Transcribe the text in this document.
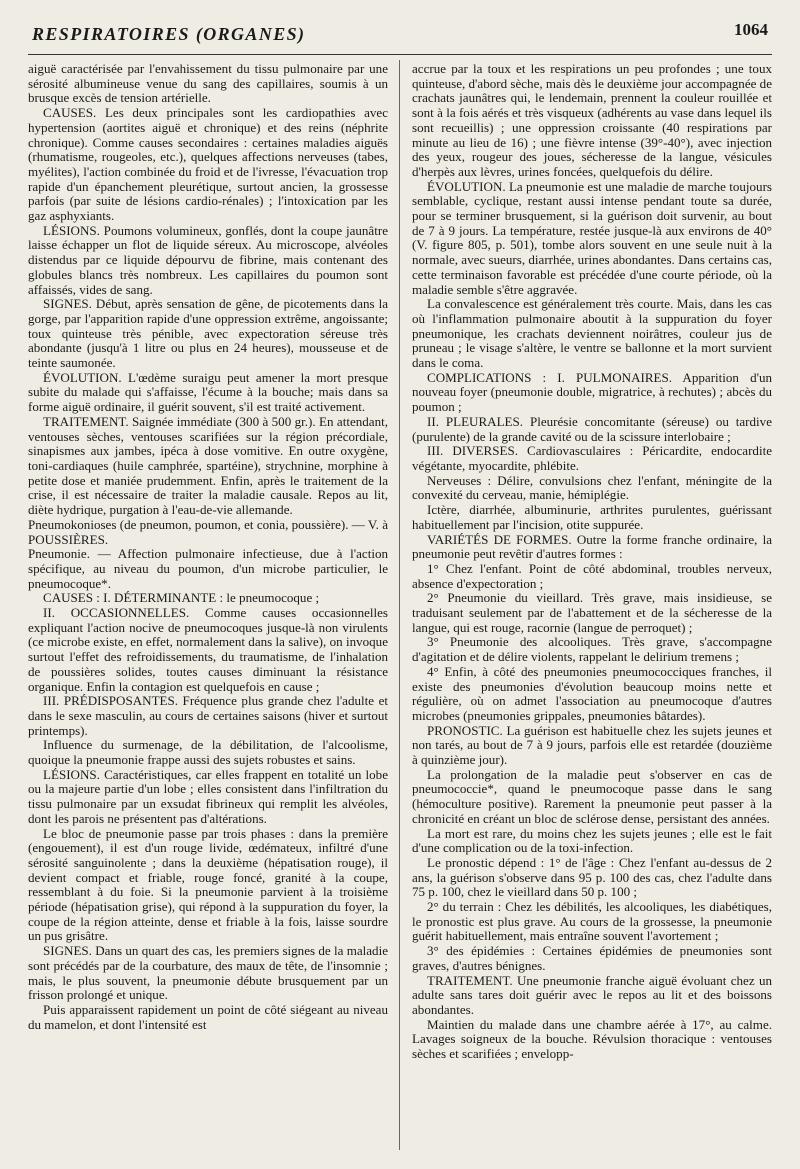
RESPIRATOIRES (ORGANES)	1064

aiguë caractérisée par l'envahissement du tissu pulmonaire par une sérosité albumineuse venue du sang des capillaires, soumis à un brusque excès de tension artérielle.

CAUSES. Les deux principales sont les cardiopathies avec hypertension (aortites aiguë et chronique) et des reins (néphrite chronique). Comme causes secondaires : certaines maladies aiguës (rhumatisme, rougeoles, etc.), quelques affections nerveuses (tabes, myélites), l'action combinée du froid et de l'ivresse, l'évacuation trop rapide d'un épanchement pleurétique, surtout ancien, la grossesse parfois (par suite de lésions cardio-rénales) ; l'intoxication par les gaz asphyxiants.

LÉSIONS. Poumons volumineux, gonflés, dont la coupe jaunâtre laisse échapper un flot de liquide séreux. Au microscope, alvéoles distendus par ce liquide dépourvu de fibrine, mais contenant des globules blancs très nombreux. Les capillaires du poumon sont affaissés, vides de sang.

SIGNES. Début, après sensation de gêne, de picotements dans la gorge, par l'apparition rapide d'une oppression extrême, angoissante; toux quinteuse très pénible, avec expectoration séreuse très abondante (jusqu'à 1 litre ou plus en 24 heures), mousseuse et de teinte saumonée.

ÉVOLUTION. L'œdème suraigu peut amener la mort presque subite du malade qui s'affaisse, l'écume à la bouche; mais dans sa forme aiguë ordinaire, il guérit souvent, s'il est traité activement.

TRAITEMENT. Saignée immédiate (300 à 500 gr.). En attendant, ventouses sèches, ventouses scarifiées sur la région précordiale, sinapismes aux jambes, ipéca à dose vomitive. En outre oxygène, toni-cardiaques (huile camphrée, spartéine), strychnine, morphine à petite dose et maniée prudemment. Enfin, après le traitement de la crise, il est nécessaire de traiter la maladie causale. Repos au lit, diète hydrique, purgation à l'eau-de-vie allemande.

Pneumokonioses (de pneumon, poumon, et conia, poussière). — V. à POUSSIÈRES.

Pneumonie. — Affection pulmonaire infectieuse, due à l'action spécifique, au niveau du poumon, d'un microbe particulier, le pneumocoque*.

CAUSES : I. DÉTERMINANTE : le pneumocoque ;

II. OCCASIONNELLES. Comme causes occasionnelles expliquant l'action nocive de pneumocoques jusque-là non virulents (ce microbe existe, en effet, normalement dans la salive), on invoque surtout l'effet des refroidissements, du traumatisme, de l'inhalation de poussières solides, toutes causes diminuant la résistance organique. Enfin la contagion est quelquefois en cause ;

III. PRÉDISPOSANTES. Fréquence plus grande chez l'adulte et dans le sexe masculin, au cours de certaines saisons (hiver et surtout printemps).

Influence du surmenage, de la débilitation, de l'alcoolisme, quoique la pneumonie frappe aussi des sujets robustes et sains.

LÉSIONS. Caractéristiques, car elles frappent en totalité un lobe ou la majeure partie d'un lobe ; elles consistent dans l'infiltration du tissu pulmonaire par un exsudat fibrineux qui remplit les alvéoles, dont les parois ne présentent pas d'altérations.

Le bloc de pneumonie passe par trois phases : dans la première (engouement), il est d'un rouge livide, œdémateux, infiltré d'une sérosité sanguinolente ; dans la deuxième (hépatisation rouge), il devient compact et friable, rouge foncé, granité à la coupe, ressemblant à du foie. Si la pneumonie parvient à la troisième période (hépatisation grise), qui répond à la suppuration du foyer, la coupe de la région atteinte, dense et friable à la fois, laisse sourdre un pus grisâtre.

SIGNES. Dans un quart des cas, les premiers signes de la maladie sont précédés par de la courbature, des maux de tête, de l'insomnie ; mais, le plus souvent, la pneumonie débute brusquement par un frisson prolongé et unique.

Puis apparaissent rapidement un point de côté siégeant au niveau du mamelon, et dont l'intensité est

accrue par la toux et les respirations un peu profondes ; une toux quinteuse, d'abord sèche, mais dès le deuxième jour accompagnée de crachats jaunâtres qui, le lendemain, prennent la couleur rouillée et sont à la fois aérés et très visqueux (adhérents au vase dans lequel ils sont recueillis) ; une oppression croissante (40 respirations par minute au lieu de 16) ; une fièvre intense (39°-40°), avec injection des yeux, rougeur des joues, sécheresse de la langue, vésicules d'herpès aux lèvres, urines foncées, quelquefois du délire.

ÉVOLUTION. La pneumonie est une maladie de marche toujours semblable, cyclique, restant aussi intense pendant toute sa durée, pour se terminer brusquement, si la guérison doit survenir, au bout de 7 à 9 jours. La température, restée jusque-là aux environs de 40° (V. figure 805, p. 501), tombe alors souvent en une seule nuit à la normale, avec sueurs, diarrhée, urines abondantes. Dans certains cas, cette terminaison favorable est précédée d'une courte période, où la maladie semble s'être aggravée.

La convalescence est généralement très courte. Mais, dans les cas où l'inflammation pulmonaire aboutit à la suppuration du foyer pneumonique, les crachats deviennent noirâtres, couleur jus de pruneau ; le visage s'altère, le ventre se ballonne et la mort survient dans le coma.

COMPLICATIONS : I. PULMONAIRES. Apparition d'un nouveau foyer (pneumonie double, migratrice, à rechutes) ; abcès du poumon ;

II. PLEURALES. Pleurésie concomitante (séreuse) ou tardive (purulente) de la grande cavité ou de la scissure interlobaire ;

III. DIVERSES. Cardiovasculaires : Péricardite, endocardite végétante, myocardite, phlébite.

Nerveuses : Délire, convulsions chez l'enfant, méningite de la convexité du cerveau, manie, hémiplégie.

Ictère, diarrhée, albuminurie, arthrites purulentes, guérissant habituellement par l'incision, otite suppurée.

VARIÉTÉS DE FORMES. Outre la forme franche ordinaire, la pneumonie peut revêtir d'autres formes :

1° Chez l'enfant. Point de côté abdominal, troubles nerveux, absence d'expectoration ;

2° Pneumonie du vieillard. Très grave, mais insidieuse, se traduisant seulement par de l'abattement et de la sécheresse de la langue, qui est rouge, racornie (langue de perroquet) ;

3° Pneumonie des alcooliques. Très grave, s'accompagne d'agitation et de délire violents, rappelant le delirium tremens ;

4° Enfin, à côté des pneumonies pneumococciques franches, il existe des pneumonies d'évolution beaucoup moins nette et régulière, où on admet l'association au pneumocoque d'autres microbes (pneumonies grippales, pneumonies bâtardes).

PRONOSTIC. La guérison est habituelle chez les sujets jeunes et non tarés, au bout de 7 à 9 jours, parfois elle est retardée (douzième à quinzième jour).

La prolongation de la maladie peut s'observer en cas de pneumococcie*, quand le pneumocoque passe dans le sang (hémoculture positive). Rarement la pneumonie peut passer à la chronicité en créant un bloc de sclérose dense, persistant des années.

La mort est rare, du moins chez les sujets jeunes ; elle est le fait d'une complication ou de la toxi-infection.

Le pronostic dépend : 1° de l'âge : Chez l'enfant au-dessus de 2 ans, la guérison s'observe dans 95 p. 100 des cas, chez l'adulte dans 75 p. 100, chez le vieillard dans 50 p. 100 ;

2° du terrain : Chez les débilités, les alcooliques, les diabétiques, le pronostic est plus grave. Au cours de la grossesse, la pneumonie guérit habituellement, mais entraîne souvent l'avortement ;

3° des épidémies : Certaines épidémies de pneumonies sont graves, d'autres bénignes.

TRAITEMENT. Une pneumonie franche aiguë évoluant chez un adulte sans tares doit guérir avec le repos au lit et des boissons abondantes.

Maintien du malade dans une chambre aérée à 17°, au calme. Lavages soigneux de la bouche. Révulsion thoracique : ventouses sèches et scarifiées ; envelopp-
